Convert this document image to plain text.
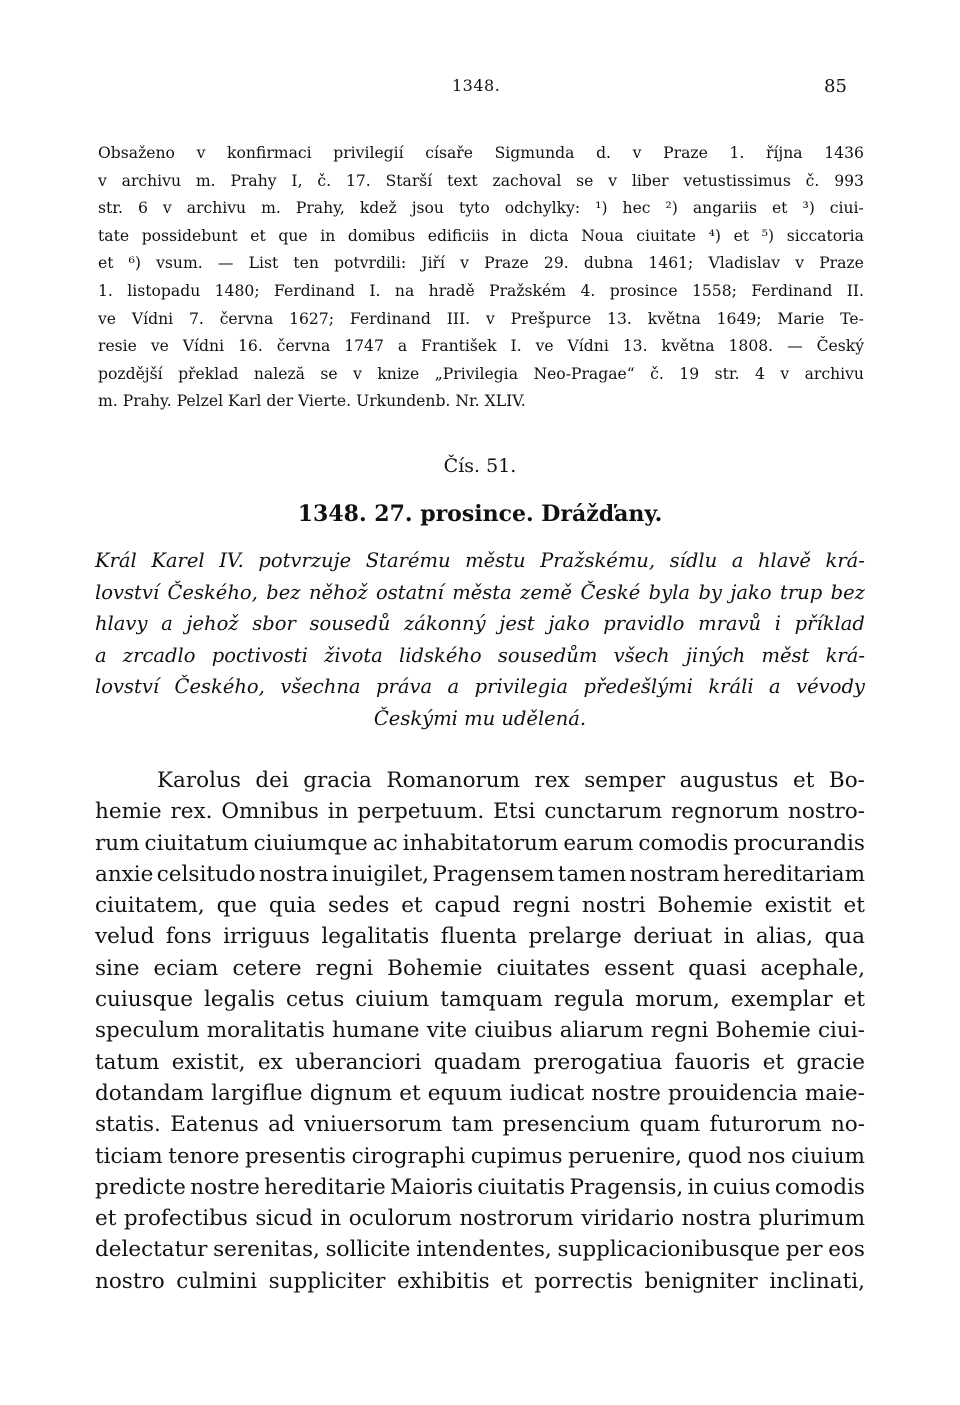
1348.	85
Obsaženo v konfirmaci privilegií císaře Sigmunda d. v Praze 1. října 1436
v archivu m. Prahy I, č. 17. Starší text zachoval se v liber vetustissimus č. 993
str. 6 v archivu m. Prahy, kdež jsou tyto odchylky: ¹) hec ²) angariis et ³) ciui-
tate possidebunt et que in domibus edificiis in dicta Noua ciuitate ⁴) et ⁵) siccatoria
et ⁶) vsum. — List ten potvrdili: Jiří v Praze 29. dubna 1461; Vladislav v Praze
1. listopadu 1480; Ferdinand I. na hradě Pražském 4. prosince 1558; Ferdinand II.
ve Vídni 7. června 1627; Ferdinand III. v Prešpurce 13. května 1649; Marie Te-
resie ve Vídni 16. června 1747 a František I. ve Vídni 13. května 1808. — Český
pozdější překlad naleză se v knize „Privilegia Neo-Pragae“ č. 19 str. 4 v archivu
m. Prahy. Pelzel Karl der Vierte. Urkundenb. Nr. XLIV.
Čís. 51.
1348. 27. prosince. Drážďany.
Král Karel IV. potvrzuje Starému městu Pražskému, sídlu a hlavě krá-
lovství Českého, bez něhož ostatní města země České byla by jako trup bez
hlavy a jehož sbor sousedů zákonný jest jako pravidlo mravů i příklad
a zrcadlo poctivosti života lidského sousedům všech jiných měst krá-
lovství Českého, všechna práva a privilegia předešlými králi a vévody
Českými mu udělená.
Karolus dei gracia Romanorum rex semper augustus et Bo-
hemie rex. Omnibus in perpetuum. Etsi cunctarum regnorum nostro-
rum ciuitatum ciuiumque ac inhabitatorum earum comodis procurandis
anxie celsitudo nostra inuigilet, Pragensem tamen nostram hereditariam
ciuitatem, que quia sedes et capud regni nostri Bohemie existit et
velud fons irriguus legalitatis fluenta prelarge deriuat in alias, qua
sine eciam cetere regni Bohemie ciuitates essent quasi acephale,
cuiusque legalis cetus ciuium tamquam regula morum, exemplar et
speculum moralitatis humane vite ciuibus aliarum regni Bohemie ciui-
tatum existit, ex uberanciori quadam prerogatiua fauoris et gracie
dotandam largiflue dignum et equum iudicat nostre prouidencia maie-
statis. Eatenus ad vniuersorum tam presencium quam futurorum no-
ticiam tenore presentis cirographi cupimus peruenire, quod nos ciuium
predicte nostre hereditarie Maioris ciuitatis Pragensis, in cuius comodis
et profectibus sicud in oculorum nostrorum viridario nostra plurimum
delectatur serenitas, sollicite intendentes, supplicacionibusque per eos
nostro culmini suppliciter exhibitis et porrectis benigniter inclinati,
